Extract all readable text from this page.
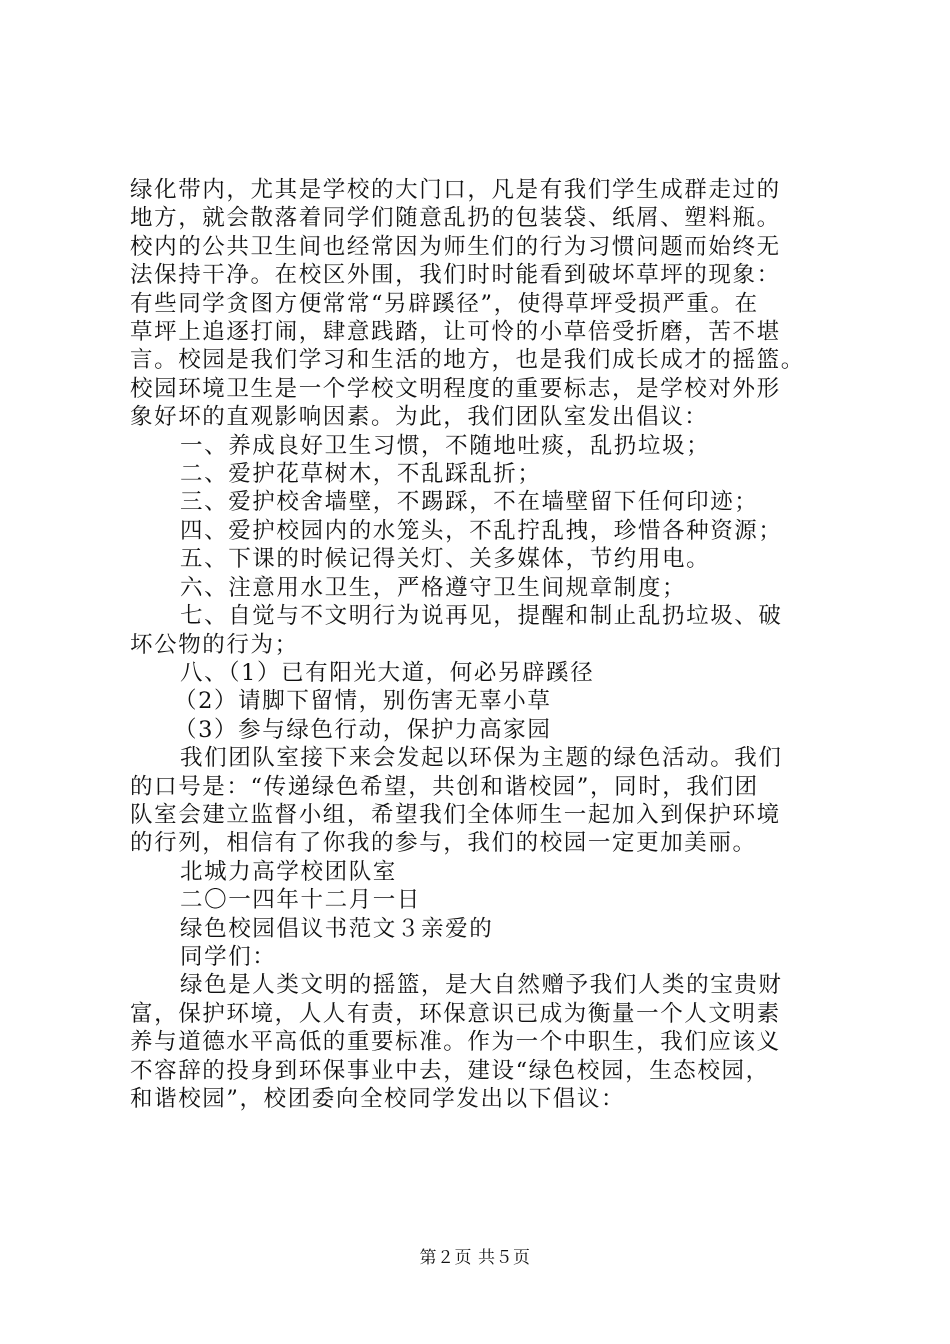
绿化带内，尤其是学校的大门口，凡是有我们学生成群走过的
地方，就会散落着同学们随意乱扔的包装袋、纸屑、塑料瓶。
校内的公共卫生间也经常因为师生们的行为习惯问题而始终无
法保持干净。在校区外围，我们时时能看到破坏草坪的现象：
有些同学贪图方便常常“另辟蹊径”，使得草坪受损严重。在
草坪上追逐打闹，肆意践踏，让可怜的小草倍受折磨，苦不堪
言。校园是我们学习和生活的地方，也是我们成长成才的摇篮。
校园环境卫生是一个学校文明程度的重要标志，是学校对外形
象好坏的直观影响因素。为此，我们团队室发出倡议：
一、养成良好卫生习惯，不随地吐痰，乱扔垃圾；
二、爱护花草树木，不乱踩乱折；
三、爱护校舍墙壁，不踢踩，不在墙壁留下任何印迹；
四、爱护校园内的水笼头，不乱拧乱拽，珍惜各种资源；
五、下课的时候记得关灯、关多媒体，节约用电。
六、注意用水卫生，严格遵守卫生间规章制度；
七、自觉与不文明行为说再见，提醒和制止乱扔垃圾、破
坏公物的行为；
八、（1）已有阳光大道，何必另辟蹊径
（2）请脚下留情，别伤害无辜小草
（3）参与绿色行动，保护力高家园
我们团队室接下来会发起以环保为主题的绿色活动。我们
的口号是：“传递绿色希望，共创和谐校园”，同时，我们团
队室会建立监督小组，希望我们全体师生一起加入到保护环境
的行列，相信有了你我的参与，我们的校园一定更加美丽。
北城力高学校团队室
二〇一四年十二月一日
绿色校园倡议书范文３亲爱的
同学们：
绿色是人类文明的摇篮，是大自然赠予我们人类的宝贵财
富，保护环境，人人有责，环保意识已成为衡量一个人文明素
养与道德水平高低的重要标准。作为一个中职生，我们应该义
不容辞的投身到环保事业中去，建设“绿色校园，生态校园，
和谐校园”，校团委向全校同学发出以下倡议：
第２页 共５页
